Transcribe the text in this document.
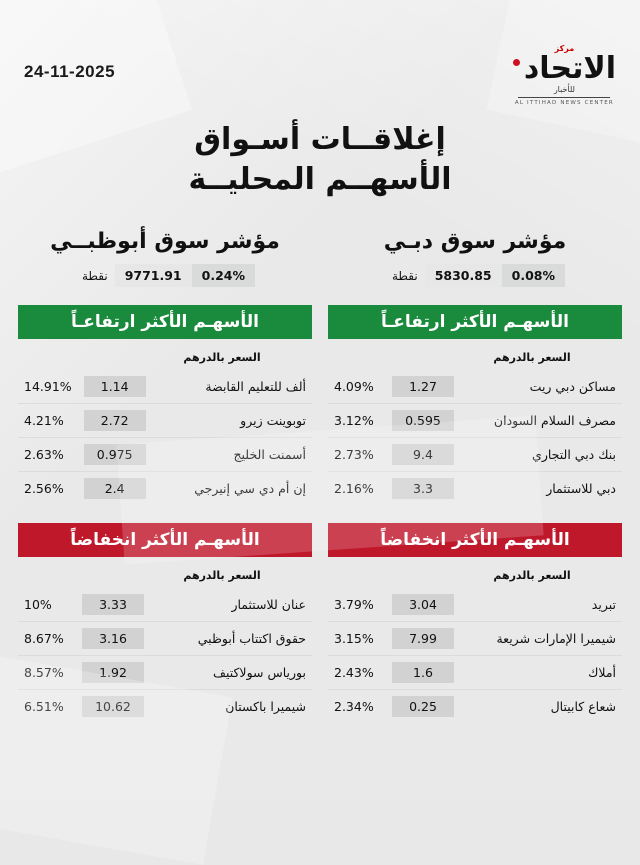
24-11-2025
مركز
الاتحاد
للأخبار
AL ITTIHAD NEWS CENTER
إغلاقــات أسـواق
الأسهــم المحليــة
مؤشر سوق دبـي
0.08%
5830.85
نقطة
الأسهـم الأكثر ارتفاعـاً
السعر بالدرهم
مساكن دبي ريت	1.27	4.09%
مصرف السلام السودان	0.595	3.12%
بنك دبي التجاري	9.4	2.73%
دبي للاستثمار	3.3	2.16%
الأسهـم الأكثر انخفاضاً
السعر بالدرهم
تبريد	3.04	3.79%
شيميرا الإمارات شريعة	7.99	3.15%
أملاك	1.6	2.43%
شعاع كابيتال	0.25	2.34%
مؤشر سوق أبوظبــي
0.24%
9771.91
نقطة
الأسهـم الأكثر ارتفاعـاً
السعر بالدرهم
ألف للتعليم القابضة	1.14	14.91%
توبوينت زيرو	2.72	4.21%
أسمنت الخليج	0.975	2.63%
إن أم دي سي إنيرجي	2.4	2.56%
الأسهـم الأكثر انخفاضاً
السعر بالدرهم
عنان للاستثمار	3.33	10%
حقوق اكتتاب أبوظبي	3.16	8.67%
بورياس سولاكتيف	1.92	8.57%
شيميرا باكستان	10.62	6.51%
